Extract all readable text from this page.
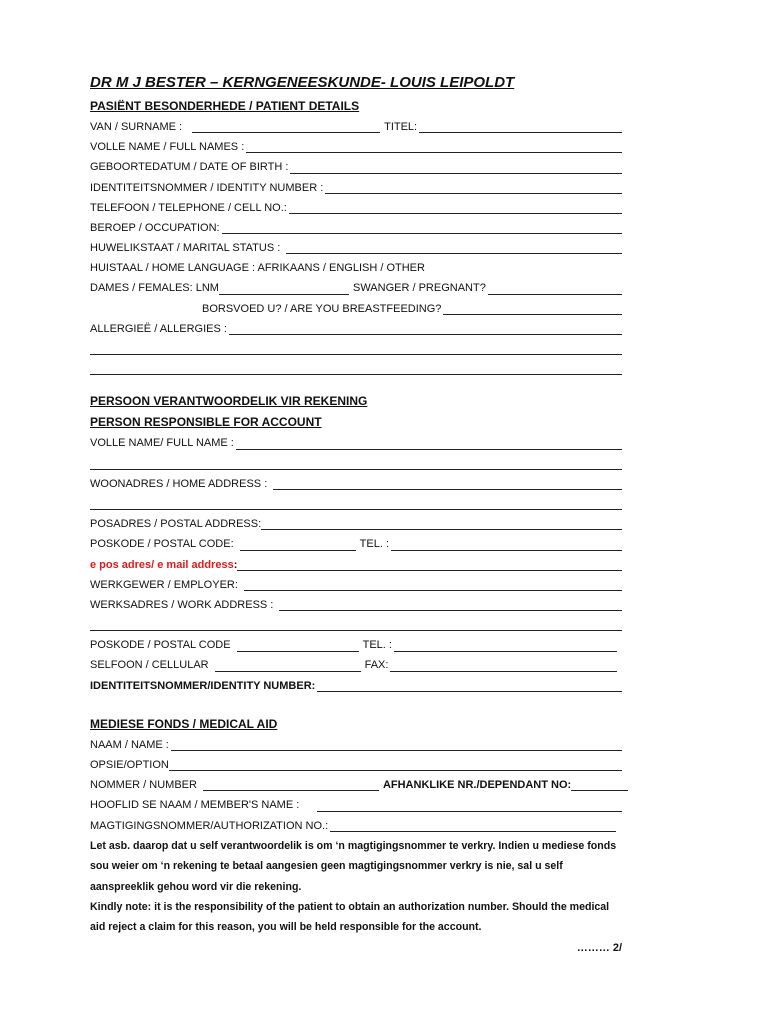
DR M J BESTER – KERNGENEESKUNDE- LOUIS LEIPOLDT
PASIËNT BESONDERHEDE / PATIENT DETAILS
VAN / SURNAME :	TITEL:
VOLLE NAME / FULL NAMES :
GEBOORTEDATUM / DATE OF BIRTH :
IDENTITEITSNOMMER / IDENTITY NUMBER :
TELEFOON / TELEPHONE / CELL NO.:
BEROEP / OCCUPATION:
HUWELIKSTAAT / MARITAL STATUS :
HUISTAAL / HOME LANGUAGE : AFRIKAANS / ENGLISH / OTHER
DAMES / FEMALES: LNM	SWANGER / PREGNANT?
BORSVOED U? / ARE YOU BREASTFEEDING?
ALLERGIEË / ALLERGIES :
PERSOON VERANTWOORDELIK VIR REKENING
PERSON RESPONSIBLE FOR ACCOUNT
VOLLE NAME/ FULL NAME :
WOONADRES / HOME ADDRESS :
POSADRES / POSTAL ADDRESS:
POSKODE / POSTAL CODE:	TEL. :
e pos adres/ e mail address :
WERKGEWER / EMPLOYER:
WERKSADRES / WORK ADDRESS :
POSKODE / POSTAL CODE	TEL. :
SELFOON / CELLULAR	FAX:
IDENTITEITSNOMMER/IDENTITY NUMBER:
MEDIESE FONDS / MEDICAL AID
NAAM / NAME :
OPSIE/OPTION
NOMMER / NUMBER	AFHANKLIKE NR./DEPENDANT NO:
HOOFLID SE NAAM / MEMBER'S NAME :
MAGTIGINGSNOMMER/AUTHORIZATION NO.:

Let asb. daarop dat u self verantwoordelik is om ‘n magtigingsnommer te verkry. Indien u mediese fonds sou weier om ‘n rekening te betaal aangesien geen magtigingsnommer verkry is nie, sal u self aanspreeklik gehou word vir die rekening.

Kindly note: it is the responsibility of the patient to obtain an authorization number. Should the medical aid reject a claim for this reason, you will be held responsible for the account.

……… 2/
